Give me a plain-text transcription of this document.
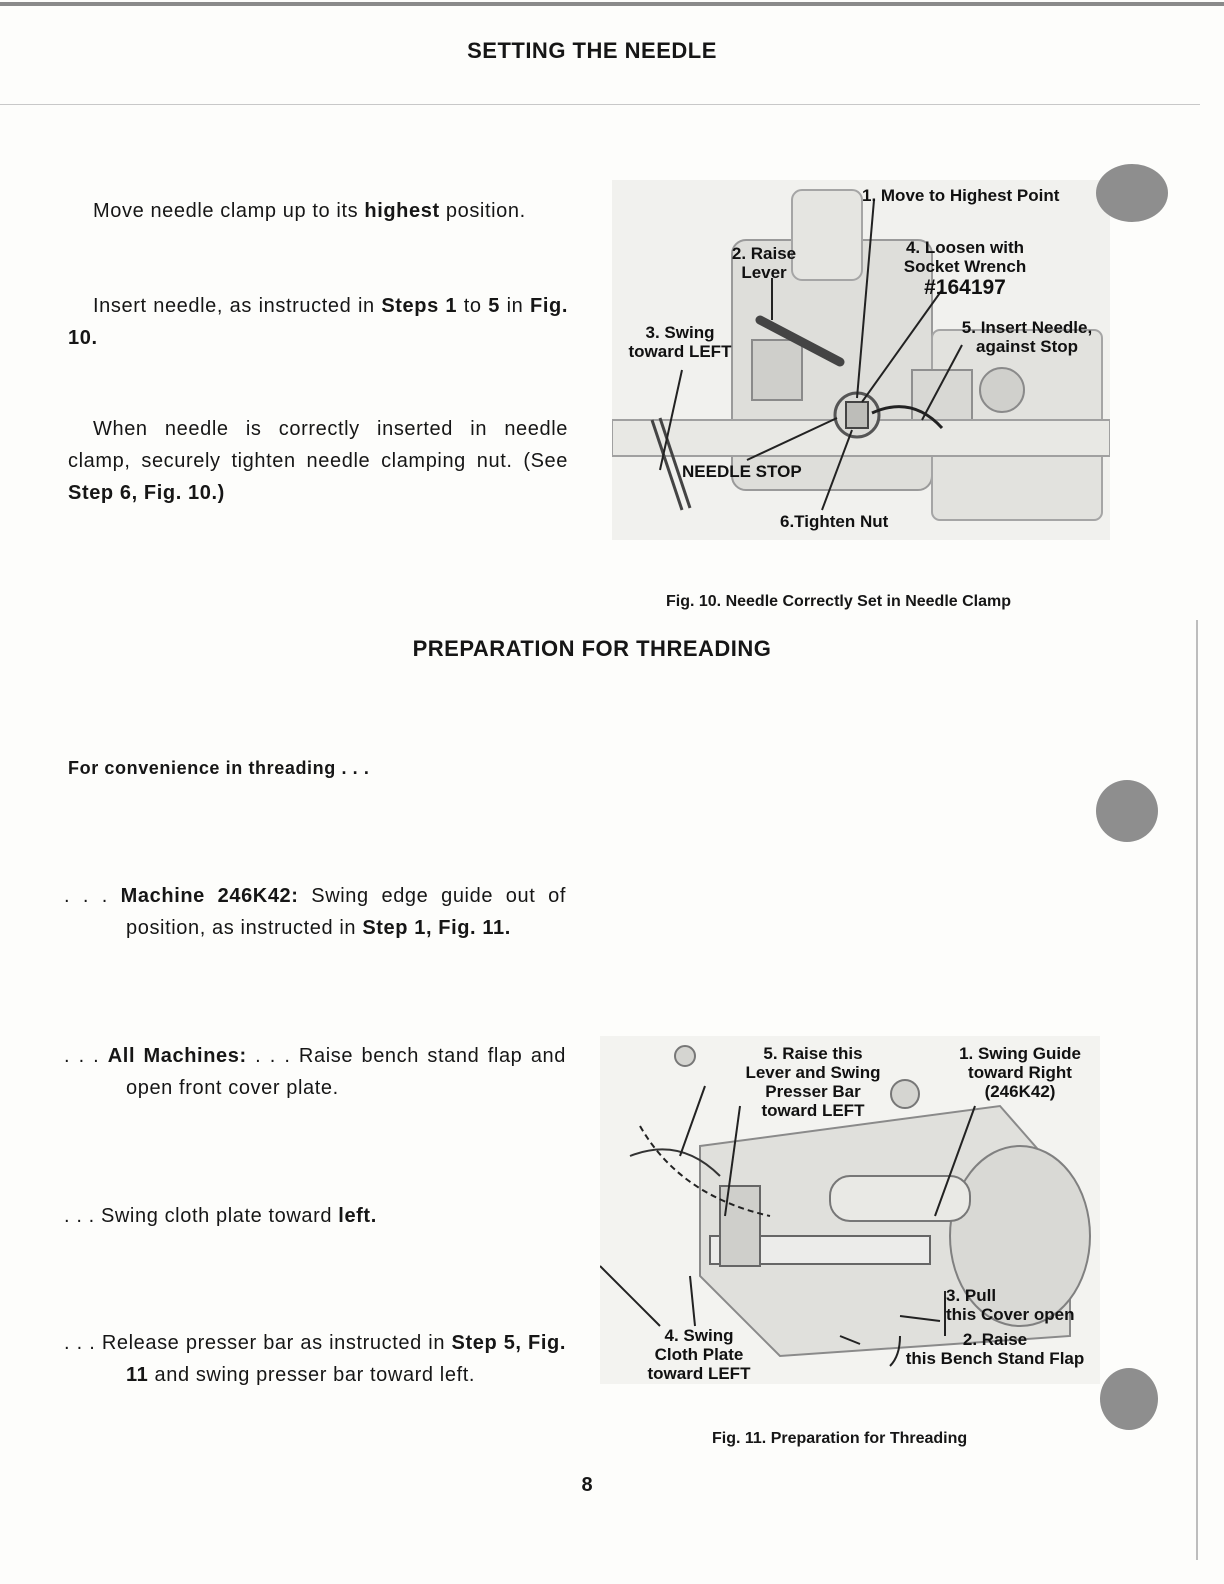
SETTING THE NEEDLE
Move needle clamp up to its highest position.
Insert needle, as instructed in Steps 1 to 5 in Fig. 10.
When needle is correctly inserted in needle clamp, securely tighten needle clamping nut. (See Step 6, Fig. 10.)
1. Move to Highest Point
2. Raise
Lever
4. Loosen with
Socket Wrench
#164197
3. Swing
toward LEFT
5. Insert Needle,
against Stop
NEEDLE STOP
6.Tighten Nut
Fig. 10. Needle Correctly Set in Needle Clamp
PREPARATION FOR THREADING
For convenience in threading . . .
. . . Machine 246K42: Swing edge guide out of position, as instructed in Step 1, Fig. 11.
. . . All Machines: . . . Raise bench stand flap and open front cover plate.
. . . Swing cloth plate toward left.
. . . Release presser bar as instructed in Step 5, Fig. 11 and swing presser bar toward left.
5. Raise this
Lever and Swing
Presser Bar
toward LEFT
1. Swing Guide
toward Right
(246K42)
3. Pull
this Cover open
2. Raise
this Bench Stand Flap
4. Swing
Cloth Plate
toward LEFT
Fig. 11. Preparation for Threading
8
